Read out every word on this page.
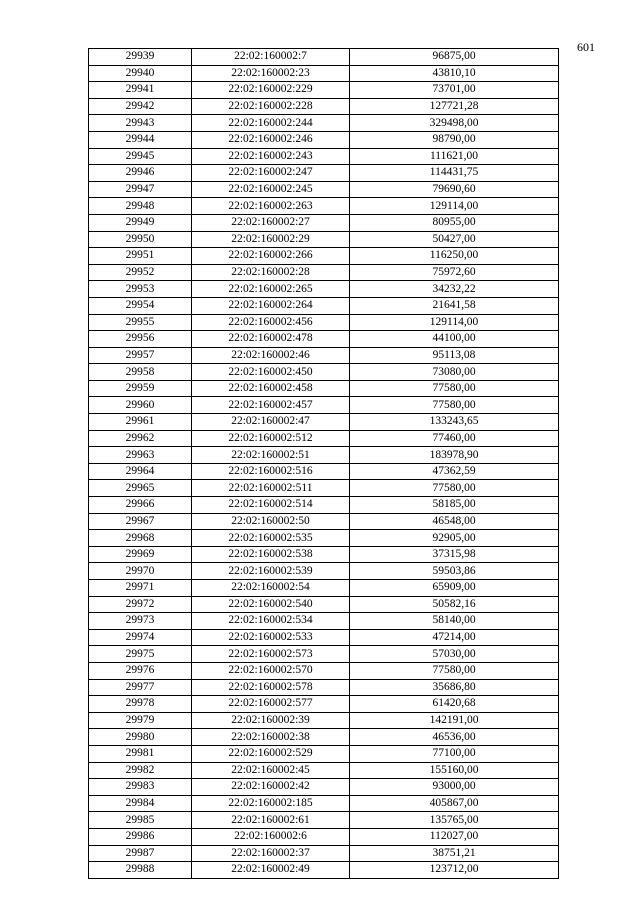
601
29939	22:02:160002:7	96875,00
29940	22:02:160002:23	43810,10
29941	22:02:160002:229	73701,00
29942	22:02:160002:228	127721,28
29943	22:02:160002:244	329498,00
29944	22:02:160002:246	98790,00
29945	22:02:160002:243	111621,00
29946	22:02:160002:247	114431,75
29947	22:02:160002:245	79690,60
29948	22:02:160002:263	129114,00
29949	22:02:160002:27	80955,00
29950	22:02:160002:29	50427,00
29951	22:02:160002:266	116250,00
29952	22:02:160002:28	75972,60
29953	22:02:160002:265	34232,22
29954	22:02:160002:264	21641,58
29955	22:02:160002:456	129114,00
29956	22:02:160002:478	44100,00
29957	22:02:160002:46	95113,08
29958	22:02:160002:450	73080,00
29959	22:02:160002:458	77580,00
29960	22:02:160002:457	77580,00
29961	22:02:160002:47	133243,65
29962	22:02:160002:512	77460,00
29963	22:02:160002:51	183978,90
29964	22:02:160002:516	47362,59
29965	22:02:160002:511	77580,00
29966	22:02:160002:514	58185,00
29967	22:02:160002:50	46548,00
29968	22:02:160002:535	92905,00
29969	22:02:160002:538	37315,98
29970	22:02:160002:539	59503,86
29971	22:02:160002:54	65909,00
29972	22:02:160002:540	50582,16
29973	22:02:160002:534	58140,00
29974	22:02:160002:533	47214,00
29975	22:02:160002:573	57030,00
29976	22:02:160002:570	77580,00
29977	22:02:160002:578	35686,80
29978	22:02:160002:577	61420,68
29979	22:02:160002:39	142191,00
29980	22:02:160002:38	46536,00
29981	22:02:160002:529	77100,00
29982	22:02:160002:45	155160,00
29983	22:02:160002:42	93000,00
29984	22:02:160002:185	405867,00
29985	22:02:160002:61	135765,00
29986	22:02:160002:6	112027,00
29987	22:02:160002:37	38751,21
29988	22:02:160002:49	123712,00
